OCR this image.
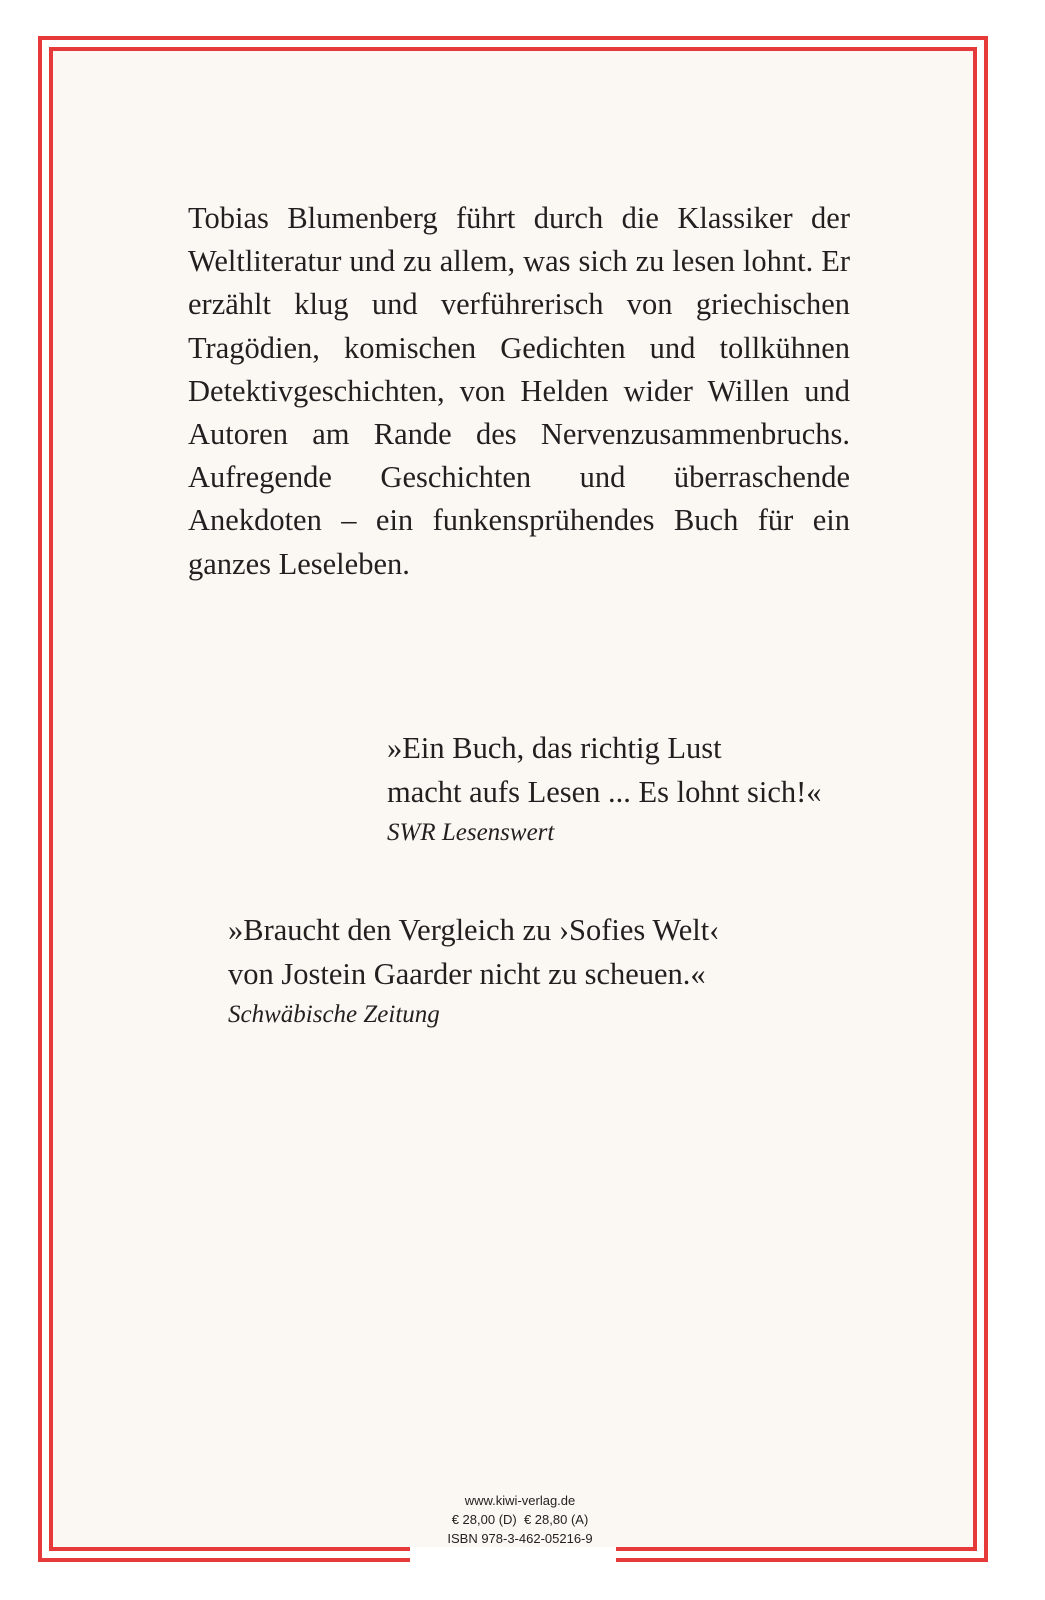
Tobias Blumenberg führt durch die Klassiker der Weltliteratur und zu allem, was sich zu lesen lohnt. Er erzählt klug und verführerisch von griechischen Tragödien, komischen Gedichten und tollkühnen Detektivgeschichten, von Helden wider Willen und Autoren am Rande des Nervenzusammenbruchs. Aufregende Geschichten und überraschende Anekdoten – ein funkensprühendes Buch für ein ganzes Leseleben.

»Ein Buch, das richtig Lust
macht aufs Lesen ... Es lohnt sich!«
SWR Lesenswert
»Braucht den Vergleich zu ›Sofies Welt‹
von Jostein Gaarder nicht zu scheuen.«
Schwäbische Zeitung
www.kiwi-verlag.de
€ 28,00 (D)  € 28,80 (A)
ISBN 978-3-462-05216-9
